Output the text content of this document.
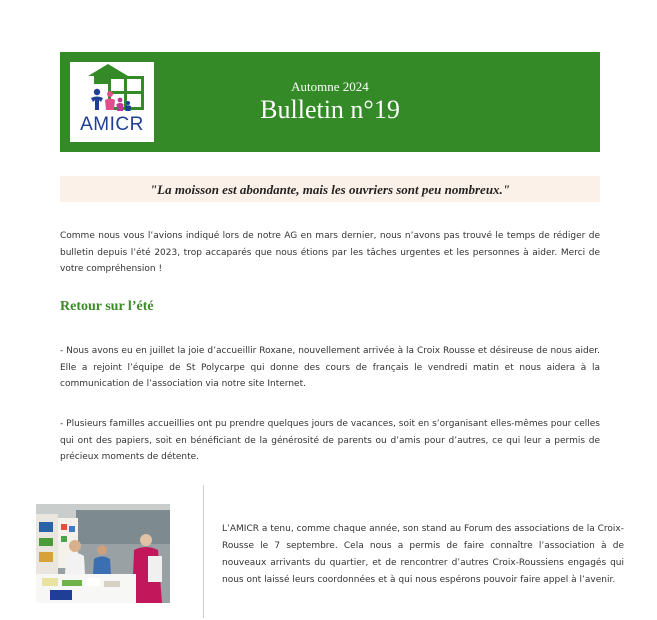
AMICR
Automne 2024
Bulletin n°19
"La moisson est abondante, mais les ouvriers sont peu nombreux."

Comme nous vous l’avions indiqué lors de notre AG en mars dernier, nous n’avons pas trouvé le temps de rédiger de bulletin depuis l’été 2023, trop accaparés que nous étions par les tâches urgentes et les personnes à aider. Merci de votre compréhension !

Retour sur l’été

- Nous avons eu en juillet la joie d’accueillir Roxane, nouvellement arrivée à la Croix Rousse et désireuse de nous aider. Elle a rejoint l’équipe de St Polycarpe qui donne des cours de français le vendredi matin et nous aidera à la communication de l’association via notre site Internet.

- Plusieurs familles accueillies ont pu prendre quelques jours de vacances, soit en s’organisant elles-mêmes pour celles qui ont des papiers, soit en bénéficiant de la générosité de parents ou d’amis pour d’autres, ce qui leur a permis de précieux moments de détente.

L’AMICR a tenu, comme chaque année, son stand au Forum des associations de la Croix-Rousse le 7 septembre. Cela nous a permis de faire connaître l’association à de nouveaux arrivants du quartier, et de rencontrer d’autres Croix-Roussiens engagés qui nous ont laissé leurs coordonnées et à qui nous espérons pouvoir faire appel à l’avenir.
